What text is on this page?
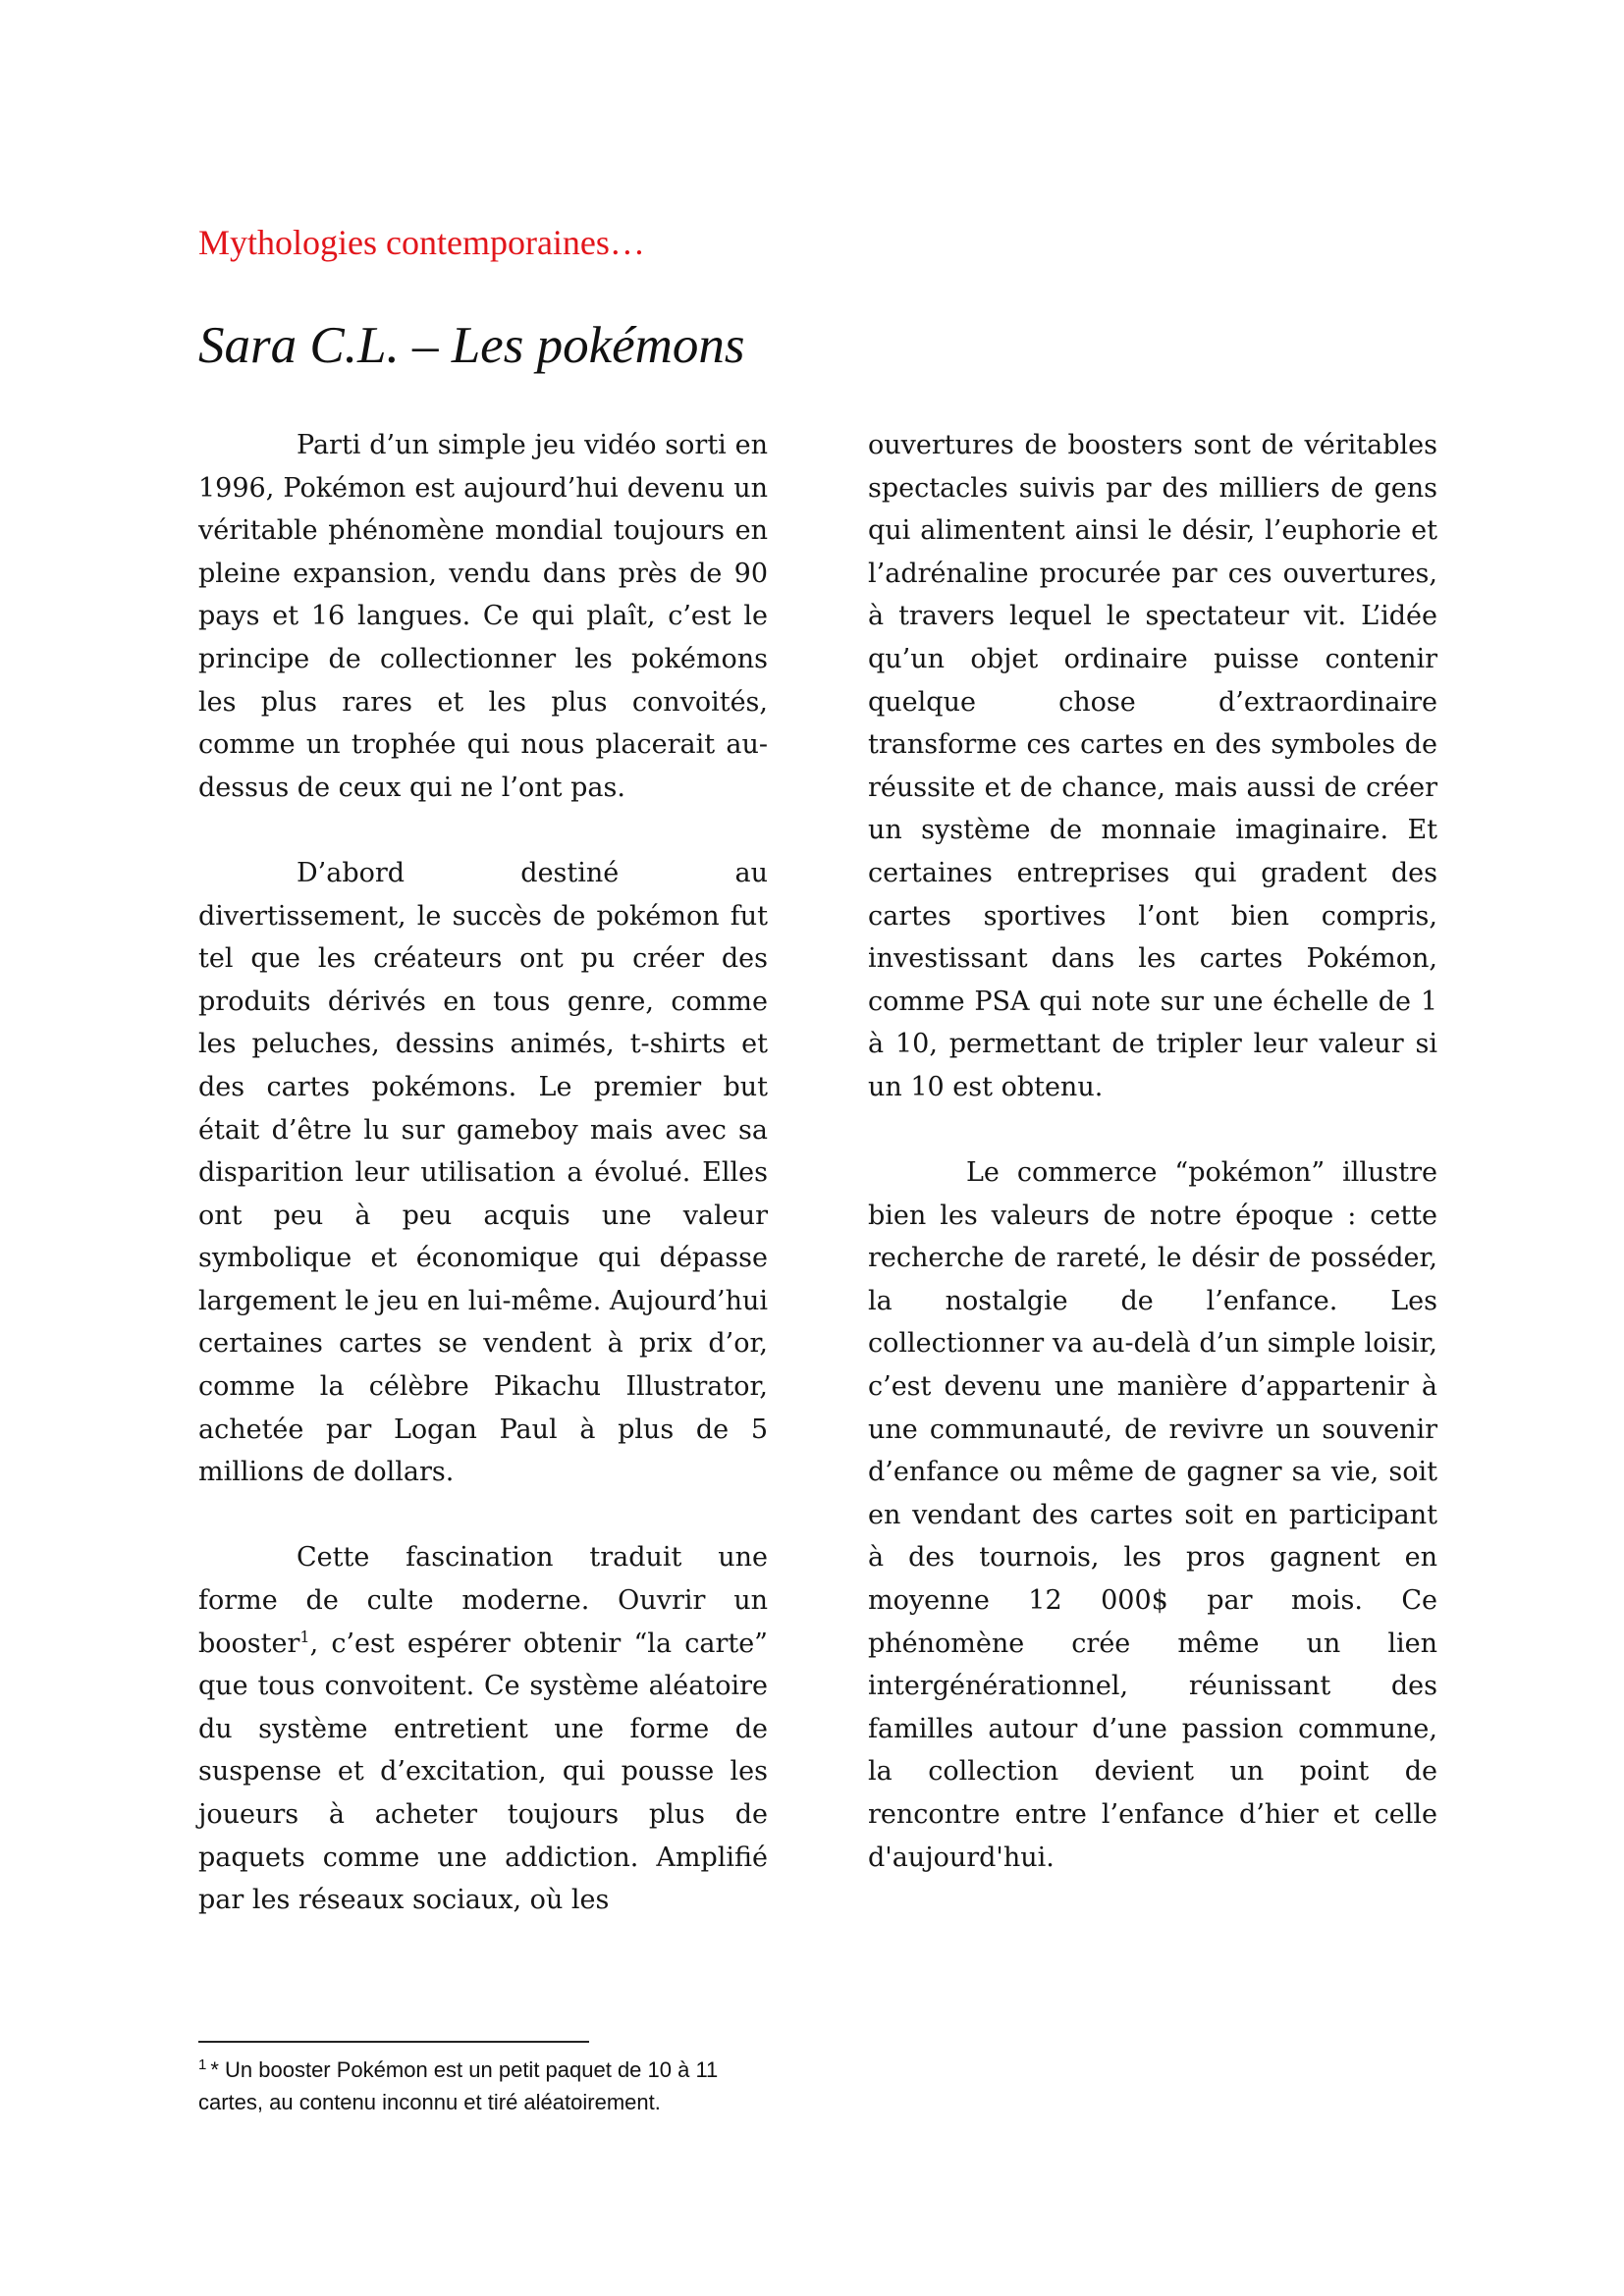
Mythologies contemporaines…
Sara C.L. – Les pokémons

Parti d’un simple jeu vidéo sorti en 1996, Pokémon est aujourd’hui devenu un véritable phénomène mondial toujours en pleine expansion, vendu dans près de 90 pays et 16 langues. Ce qui plaît, c’est le principe de collectionner les pokémons les plus rares et les plus convoités, comme un trophée qui nous placerait au-dessus de ceux qui ne l’ont pas.

D’abord destiné au divertissement, le succès de pokémon fut tel que les créateurs ont pu créer des produits dérivés en tous genre, comme les peluches, dessins animés, t-shirts et des cartes pokémons. Le premier but était d’être lu sur gameboy mais avec sa disparition leur utilisation a évolué. Elles ont peu à peu acquis une valeur symbolique et économique qui dépasse largement le jeu en lui-même. Aujourd’hui certaines cartes se vendent à prix d’or, comme la célèbre Pikachu Illustrator, achetée par Logan Paul à plus de 5 millions de dollars.

Cette fascination traduit une forme de culte moderne. Ouvrir un booster$^1$, c’est espérer obtenir “la carte” que tous convoitent. Ce système aléatoire du système entretient une forme de suspense et d’excitation, qui pousse les joueurs à acheter toujours plus de paquets comme une addiction. Amplifié par les réseaux sociaux, où les

ouvertures de boosters sont de véritables spectacles suivis par des milliers de gens qui alimentent ainsi le désir, l’euphorie et l’adrénaline procurée par ces ouvertures, à travers lequel le spectateur vit. L’idée qu’un objet ordinaire puisse contenir quelque chose d’extraordinaire transforme ces cartes en des symboles de réussite et de chance, mais aussi de créer un système de monnaie imaginaire. Et certaines entreprises qui gradent des cartes sportives l’ont bien compris, investissant dans les cartes Pokémon, comme PSA qui note sur une échelle de 1 à 10, permettant de tripler leur valeur si un 10 est obtenu.

Le commerce “pokémon” illustre bien les valeurs de notre époque : cette recherche de rareté, le désir de posséder, la nostalgie de l’enfance. Les collectionner va au-delà d’un simple loisir, c’est devenu une manière d’appartenir à une communauté, de revivre un souvenir d’enfance ou même de gagner sa vie, soit en vendant des cartes soit en participant à des tournois, les pros gagnent en moyenne 12 000$ par mois. Ce phénomène crée même un lien intergénérationnel, réunissant des familles autour d’une passion commune, la collection devient un point de rencontre entre l’enfance d’hier et celle d'aujourd'hui.

$^1$ * Un booster Pokémon est un petit paquet de 10 à 11 cartes, au contenu inconnu et tiré aléatoirement.
